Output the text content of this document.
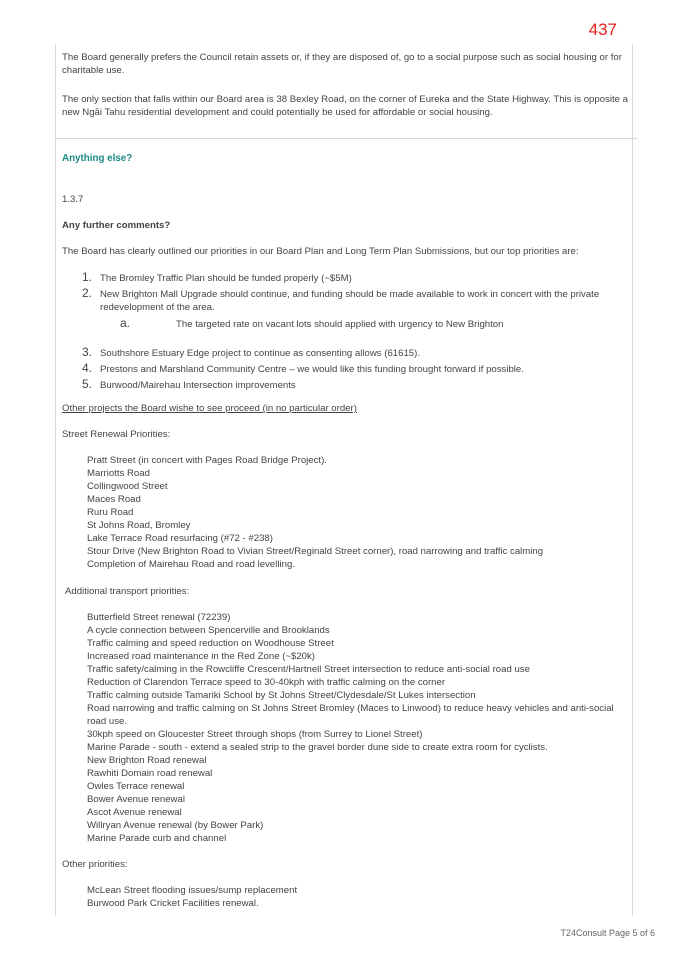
437

The Board generally prefers the Council retain assets or, if they are disposed of, go to a social purpose such as social housing or for charitable use.

The only section that falls within our Board area is 38 Bexley Road, on the corner of Eureka and the State Highway. This is opposite a new Ngāi Tahu residential development and could potentially be used for affordable or social housing.

Anything else?

1.3.7

Any further comments?

The Board has clearly outlined our priorities in our Board Plan and Long Term Plan Submissions, but our top priorities are:

1. The Bromley Traffic Plan should be funded properly (~$5M)
2. New Brighton Mall Upgrade should continue, and funding should be made available to work in concert with the private redevelopment of the area.
a.	The targeted rate on vacant lots should applied with urgency to New Brighton
3. Southshore Estuary Edge project to continue as consenting allows (61615).
4. Prestons and Marshland Community Centre – we would like this funding brought forward if possible.
5. Burwood/Mairehau Intersection improvements

Other projects the Board wishe to see proceed (in no particular order)

Street Renewal Priorities:

Pratt Street (in concert with Pages Road Bridge Project).
Marriotts Road
Collingwood Street
Maces Road
Ruru Road
St Johns Road, Bromley
Lake Terrace Road resurfacing (#72 - #238)
Stour Drive (New Brighton Road to Vivian Street/Reginald Street corner), road narrowing and traffic calming
Completion of Mairehau Road and road levelling.

Additional transport priorities:

Butterfield Street renewal (72239)
A cycle connection between Spencerville and Brooklands
Traffic calming and speed reduction on Woodhouse Street
Increased road maintenance in the Red Zone (~$20k)
Traffic safety/calming in the Rowcliffe Crescent/Hartnell Street intersection to reduce anti-social road use
Reduction of Clarendon Terrace speed to 30-40kph with traffic calming on the corner
Traffic calming outside Tamariki School by St Johns Street/Clydesdale/St Lukes intersection
Road narrowing and traffic calming on St Johns Street Bromley (Maces to Linwood) to reduce heavy vehicles and anti-social road use.
30kph speed on Gloucester Street through shops (from Surrey to Lionel Street)
Marine Parade - south - extend a sealed strip to the gravel border dune side to create extra room for cyclists.
New Brighton Road renewal
Rawhiti Domain road renewal
Owles Terrace renewal
Bower Avenue renewal
Ascot Avenue renewal
Willryan Avenue renewal (by Bower Park)
Marine Parade curb and channel

Other priorities:

McLean Street flooding issues/sump replacement
Burwood Park Cricket Facilities renewal.
T24Consult Page 5 of 6
